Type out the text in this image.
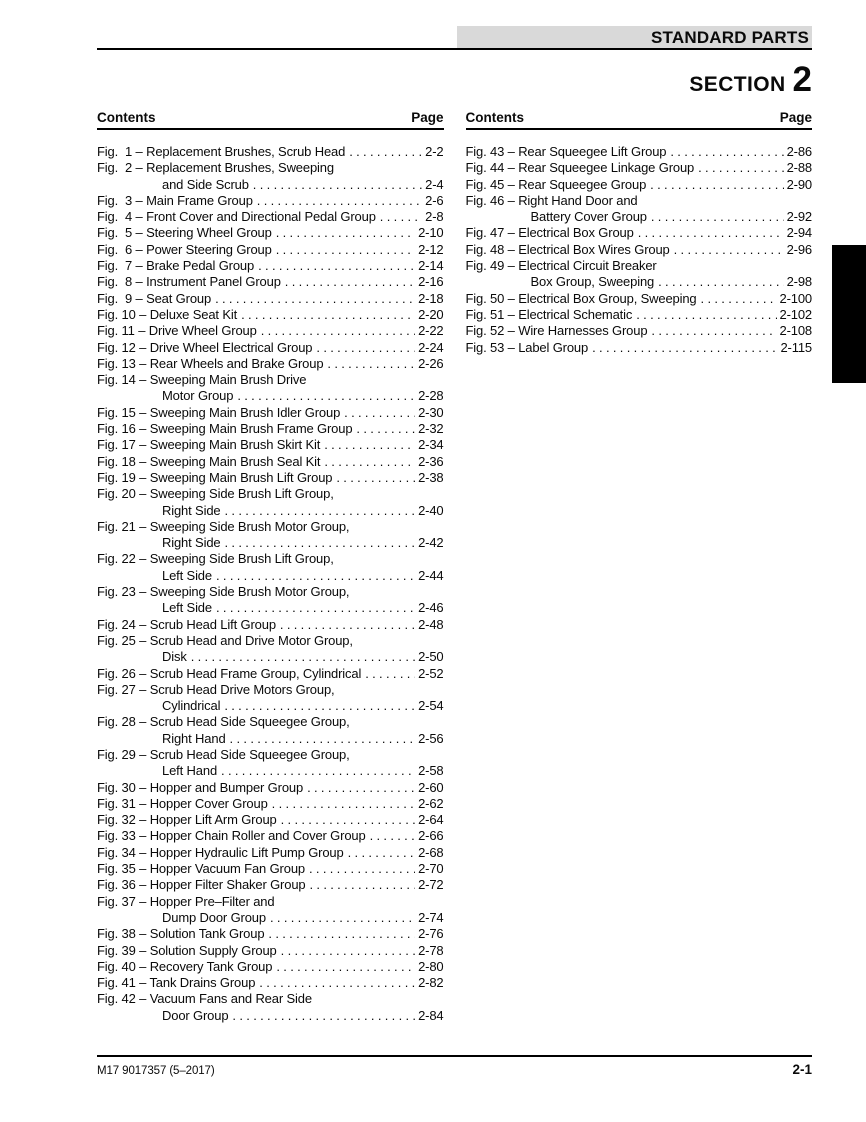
STANDARD PARTS
SECTION 2
Contents	Page
Fig.  1 – Replacement Brushes, Scrub Head . . .	2-2
Fig.  2 – Replacement Brushes, Sweeping
and Side Scrub . . .	2-4
Fig.  3 – Main Frame Group . . .	2-6
Fig.  4 – Front Cover and Directional Pedal Group . . .	2-8
Fig.  5 – Steering Wheel Group . . .	2-10
Fig.  6 – Power Steering Group . . .	2-12
Fig.  7 – Brake Pedal Group . . .	2-14
Fig.  8 – Instrument Panel Group . . .	2-16
Fig.  9 – Seat Group . . .	2-18
Fig. 10 – Deluxe Seat Kit . . .	2-20
Fig. 11 – Drive Wheel Group . . .	2-22
Fig. 12 – Drive Wheel Electrical Group . . .	2-24
Fig. 13 – Rear Wheels and Brake Group . . .	2-26
Fig. 14 – Sweeping Main Brush Drive
Motor Group . . .	2-28
Fig. 15 – Sweeping Main Brush Idler Group . . .	2-30
Fig. 16 – Sweeping Main Brush Frame Group . . .	2-32
Fig. 17 – Sweeping Main Brush Skirt Kit . . .	2-34
Fig. 18 – Sweeping Main Brush Seal Kit . . .	2-36
Fig. 19 – Sweeping Main Brush Lift Group . . .	2-38
Fig. 20 – Sweeping Side Brush Lift Group,
Right Side . . .	2-40
Fig. 21 – Sweeping Side Brush Motor Group,
Right Side . . .	2-42
Fig. 22 – Sweeping Side Brush Lift Group,
Left Side . . .	2-44
Fig. 23 – Sweeping Side Brush Motor Group,
Left Side . . .	2-46
Fig. 24 – Scrub Head Lift Group . . .	2-48
Fig. 25 – Scrub Head and Drive Motor Group,
Disk . . .	2-50
Fig. 26 – Scrub Head Frame Group, Cylindrical . . .	2-52
Fig. 27 – Scrub Head Drive Motors Group,
Cylindrical . . .	2-54
Fig. 28 – Scrub Head Side Squeegee Group,
Right Hand . . .	2-56
Fig. 29 – Scrub Head Side Squeegee Group,
Left Hand . . .	2-58
Fig. 30 – Hopper and Bumper Group . . .	2-60
Fig. 31 – Hopper Cover Group . . .	2-62
Fig. 32 – Hopper Lift Arm Group . . .	2-64
Fig. 33 – Hopper Chain Roller and Cover Group . . .	2-66
Fig. 34 – Hopper Hydraulic Lift Pump Group . . .	2-68
Fig. 35 – Hopper Vacuum Fan Group . . .	2-70
Fig. 36 – Hopper Filter Shaker Group . . .	2-72
Fig. 37 – Hopper Pre–Filter and
Dump Door Group . . .	2-74
Fig. 38 – Solution Tank Group . . .	2-76
Fig. 39 – Solution Supply Group . . .	2-78
Fig. 40 – Recovery Tank Group . . .	2-80
Fig. 41 – Tank Drains Group . . .	2-82
Fig. 42 – Vacuum Fans and Rear Side
Door Group . . .	2-84
Contents	Page
Fig. 43 – Rear Squeegee Lift Group . . .	2-86
Fig. 44 – Rear Squeegee Linkage Group . . .	2-88
Fig. 45 – Rear Squeegee Group . . .	2-90
Fig. 46 – Right Hand Door and
Battery Cover Group . . .	2-92
Fig. 47 – Electrical Box Group . . .	2-94
Fig. 48 – Electrical Box Wires Group . . .	2-96
Fig. 49 – Electrical Circuit Breaker
Box Group, Sweeping . . .	2-98
Fig. 50 – Electrical Box Group, Sweeping . . .	2-100
Fig. 51 – Electrical Schematic . . .	2-102
Fig. 52 – Wire Harnesses Group . . .	2-108
Fig. 53 – Label Group . . .	2-115
M17 9017357 (5–2017)	2-1
